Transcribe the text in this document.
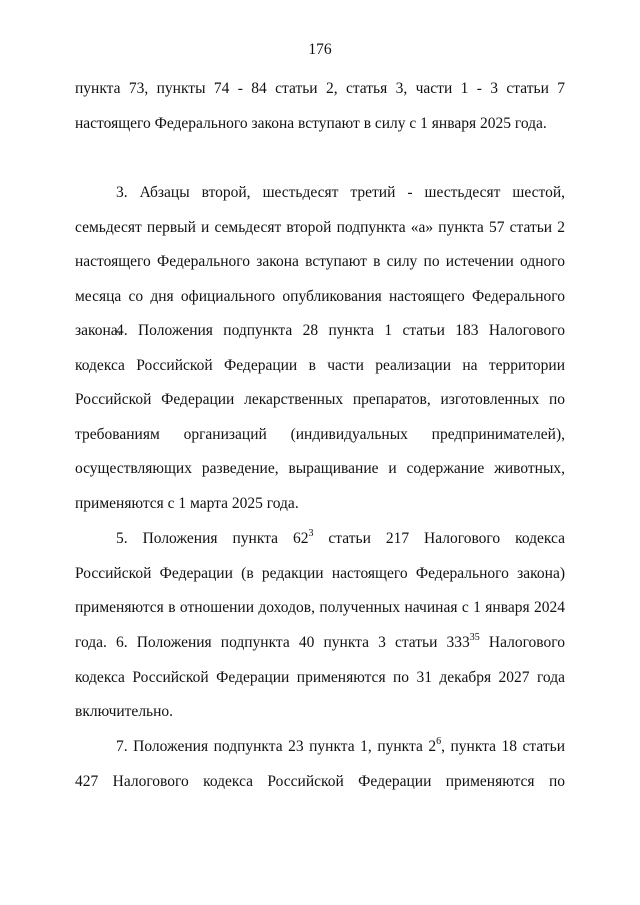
176

пункта 73, пункты 74 - 84 статьи 2, статья 3, части 1 - 3 статьи 7 настоящего Федерального закона вступают в силу с 1 января 2025 года.

3. Абзацы второй, шестьдесят третий - шестьдесят шестой, семьдесят первый и семьдесят второй подпункта «а» пункта 57 статьи 2 настоящего Федерального закона вступают в силу по истечении одного месяца со дня официального опубликования настоящего Федерального закона.

4. Положения подпункта 28 пункта 1 статьи 183 Налогового кодекса Российской Федерации в части реализации на территории Российской Федерации лекарственных препаратов, изготовленных по требованиям организаций (индивидуальных предпринимателей), осуществляющих разведение, выращивание и содержание животных, применяются с 1 марта 2025 года.

5. Положения пункта $62^3$ статьи 217 Налогового кодекса Российской Федерации (в редакции настоящего Федерального закона) применяются в отношении доходов, полученных начиная с 1 января 2024 года. 6. Положения подпункта 40 пункта 3 статьи $333^{35}$ Налогового кодекса Российской Федерации применяются по 31 декабря 2027 года включительно.

7. Положения подпункта 23 пункта 1, пункта $2^6$, пункта 18 статьи 427 Налогового кодекса Российской Федерации применяются по
